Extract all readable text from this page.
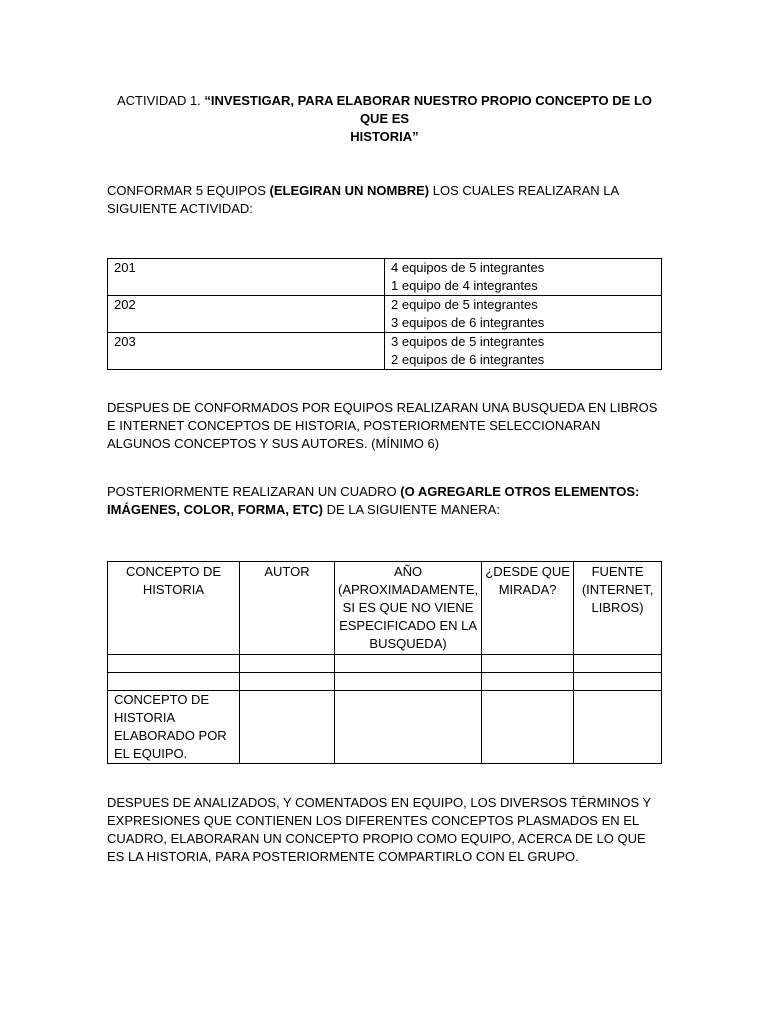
ACTIVIDAD 1. “INVESTIGAR, PARA ELABORAR NUESTRO PROPIO CONCEPTO DE LO QUE ES
HISTORIA”

CONFORMAR 5 EQUIPOS (ELEGIRAN UN NOMBRE) LOS CUALES REALIZARAN LA SIGUIENTE ACTIVIDAD:

201	4 equipos de 5 integrantes
1 equipo de 4 integrantes

202	2 equipo de 5 integrantes
3 equipos de 6 integrantes

203	3 equipos de 5 integrantes
2 equipos de 6 integrantes

DESPUES DE CONFORMADOS POR EQUIPOS REALIZARAN UNA BUSQUEDA EN LIBROS E INTERNET CONCEPTOS DE HISTORIA, POSTERIORMENTE SELECCIONARAN ALGUNOS CONCEPTOS Y SUS AUTORES. (MÍNIMO 6)

POSTERIORMENTE REALIZARAN UN CUADRO (O AGREGARLE OTROS ELEMENTOS: IMÁGENES, COLOR, FORMA, ETC) DE LA SIGUIENTE MANERA:

CONCEPTO DE HISTORIA	AUTOR	AÑO (APROXIMADAMENTE, SI ES QUE NO VIENE ESPECIFICADO EN LA BUSQUEDA)	¿DESDE QUE MIRADA?	FUENTE (INTERNET, LIBROS)

CONCEPTO DE HISTORIA ELABORADO POR EL EQUIPO.				

DESPUES DE ANALIZADOS, Y COMENTADOS EN EQUIPO, LOS DIVERSOS TÉRMINOS Y EXPRESIONES QUE CONTIENEN LOS DIFERENTES CONCEPTOS PLASMADOS EN EL CUADRO, ELABORARAN UN CONCEPTO PROPIO COMO EQUIPO, ACERCA DE LO QUE ES LA HISTORIA, PARA POSTERIORMENTE COMPARTIRLO CON EL GRUPO.
